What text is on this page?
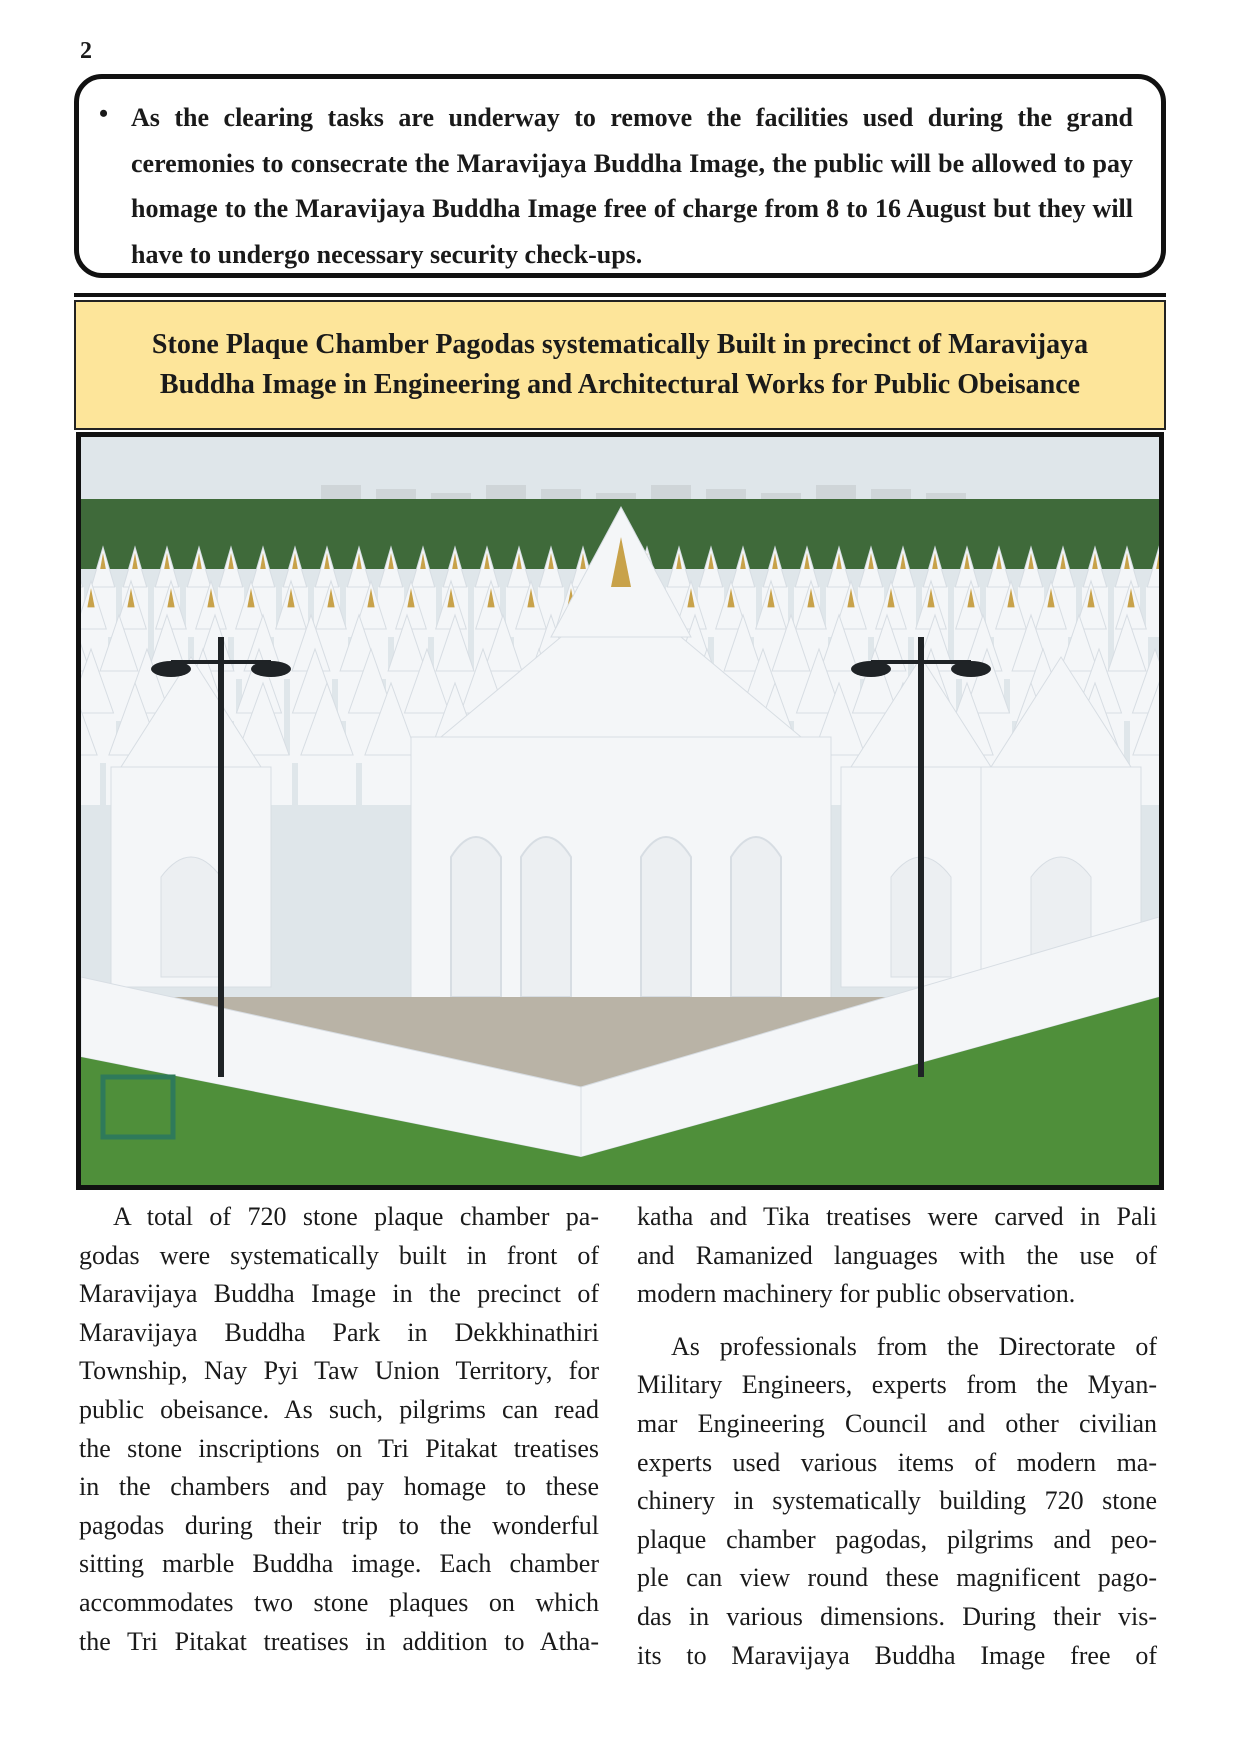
2
• As the clearing tasks are underway to remove the facilities used during the grand ceremonies to consecrate the Maravijaya Buddha Image, the public will be allowed to pay homage to the Maravijaya Buddha Image free of charge from 8 to 16 August but they will have to undergo necessary security check-ups.

Stone Plaque Chamber Pagodas systematically Built in precinct of Maravijaya
Buddha Image in Engineering and Architectural Works for Public Obeisance

A total of 720 stone plaque chamber pa-
godas were systematically built in front of
Maravijaya Buddha Image in the precinct of
Maravijaya Buddha Park in Dekkhinathiri
Township, Nay Pyi Taw Union Territory, for
public obeisance. As such, pilgrims can read
the stone inscriptions on Tri Pitakat treatises
in the chambers and pay homage to these
pagodas during their trip to the wonderful
sitting marble Buddha image. Each chamber
accommodates two stone plaques on which
the Tri Pitakat treatises in addition to Atha-

katha and Tika treatises were carved in Pali
and Ramanized languages with the use of
modern machinery for public observation.

As professionals from the Directorate of
Military Engineers, experts from the Myan-
mar Engineering Council and other civilian
experts used various items of modern ma-
chinery in systematically building 720 stone
plaque chamber pagodas, pilgrims and peo-
ple can view round these magnificent pago-
das in various dimensions. During their vis-
its to Maravijaya Buddha Image free of
